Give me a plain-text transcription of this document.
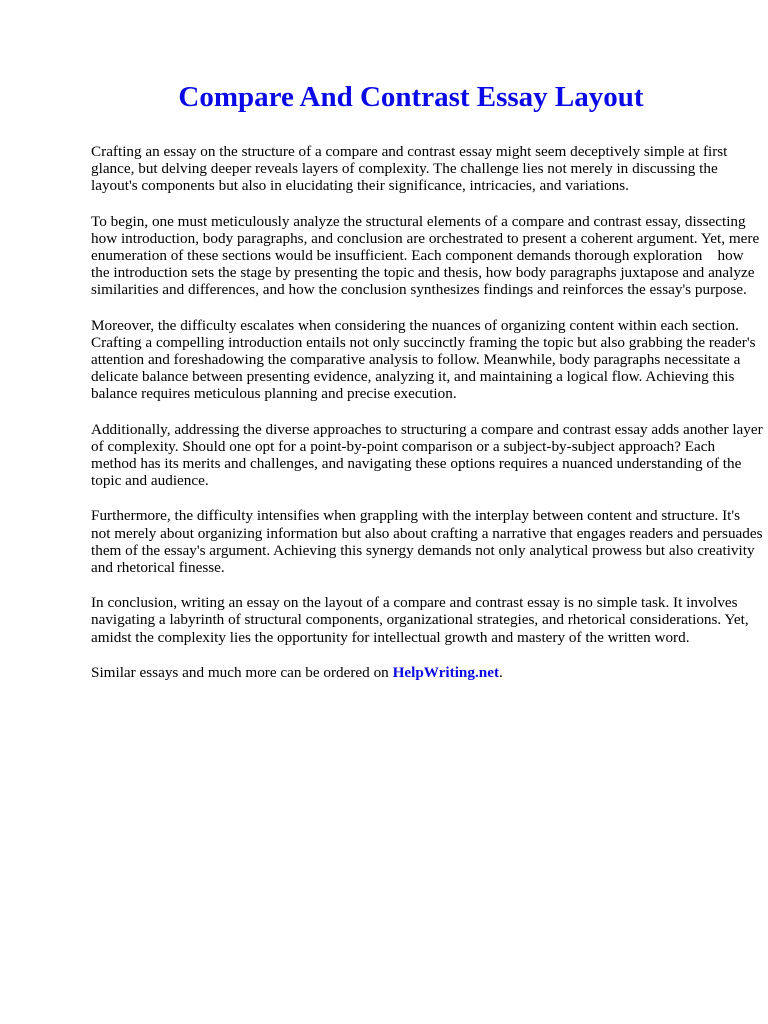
Compare And Contrast Essay Layout

Crafting an essay on the structure of a compare and contrast essay might seem deceptively simple at first glance, but delving deeper reveals layers of complexity. The challenge lies not merely in discussing the layout's components but also in elucidating their significance, intricacies, and variations.

To begin, one must meticulously analyze the structural elements of a compare and contrast essay, dissecting how introduction, body paragraphs, and conclusion are orchestrated to present a coherent argument. Yet, mere enumeration of these sections would be insufficient. Each component demands thorough exploration    how the introduction sets the stage by presenting the topic and thesis, how body paragraphs juxtapose and analyze similarities and differences, and how the conclusion synthesizes findings and reinforces the essay's purpose.

Moreover, the difficulty escalates when considering the nuances of organizing content within each section. Crafting a compelling introduction entails not only succinctly framing the topic but also grabbing the reader's attention and foreshadowing the comparative analysis to follow. Meanwhile, body paragraphs necessitate a delicate balance between presenting evidence, analyzing it, and maintaining a logical flow. Achieving this balance requires meticulous planning and precise execution.

Additionally, addressing the diverse approaches to structuring a compare and contrast essay adds another layer of complexity. Should one opt for a point-by-point comparison or a subject-by-subject approach? Each method has its merits and challenges, and navigating these options requires a nuanced understanding of the topic and audience.

Furthermore, the difficulty intensifies when grappling with the interplay between content and structure. It's not merely about organizing information but also about crafting a narrative that engages readers and persuades them of the essay's argument. Achieving this synergy demands not only analytical prowess but also creativity and rhetorical finesse.

In conclusion, writing an essay on the layout of a compare and contrast essay is no simple task. It involves navigating a labyrinth of structural components, organizational strategies, and rhetorical considerations. Yet, amidst the complexity lies the opportunity for intellectual growth and mastery of the written word.

Similar essays and much more can be ordered on HelpWriting.net.
